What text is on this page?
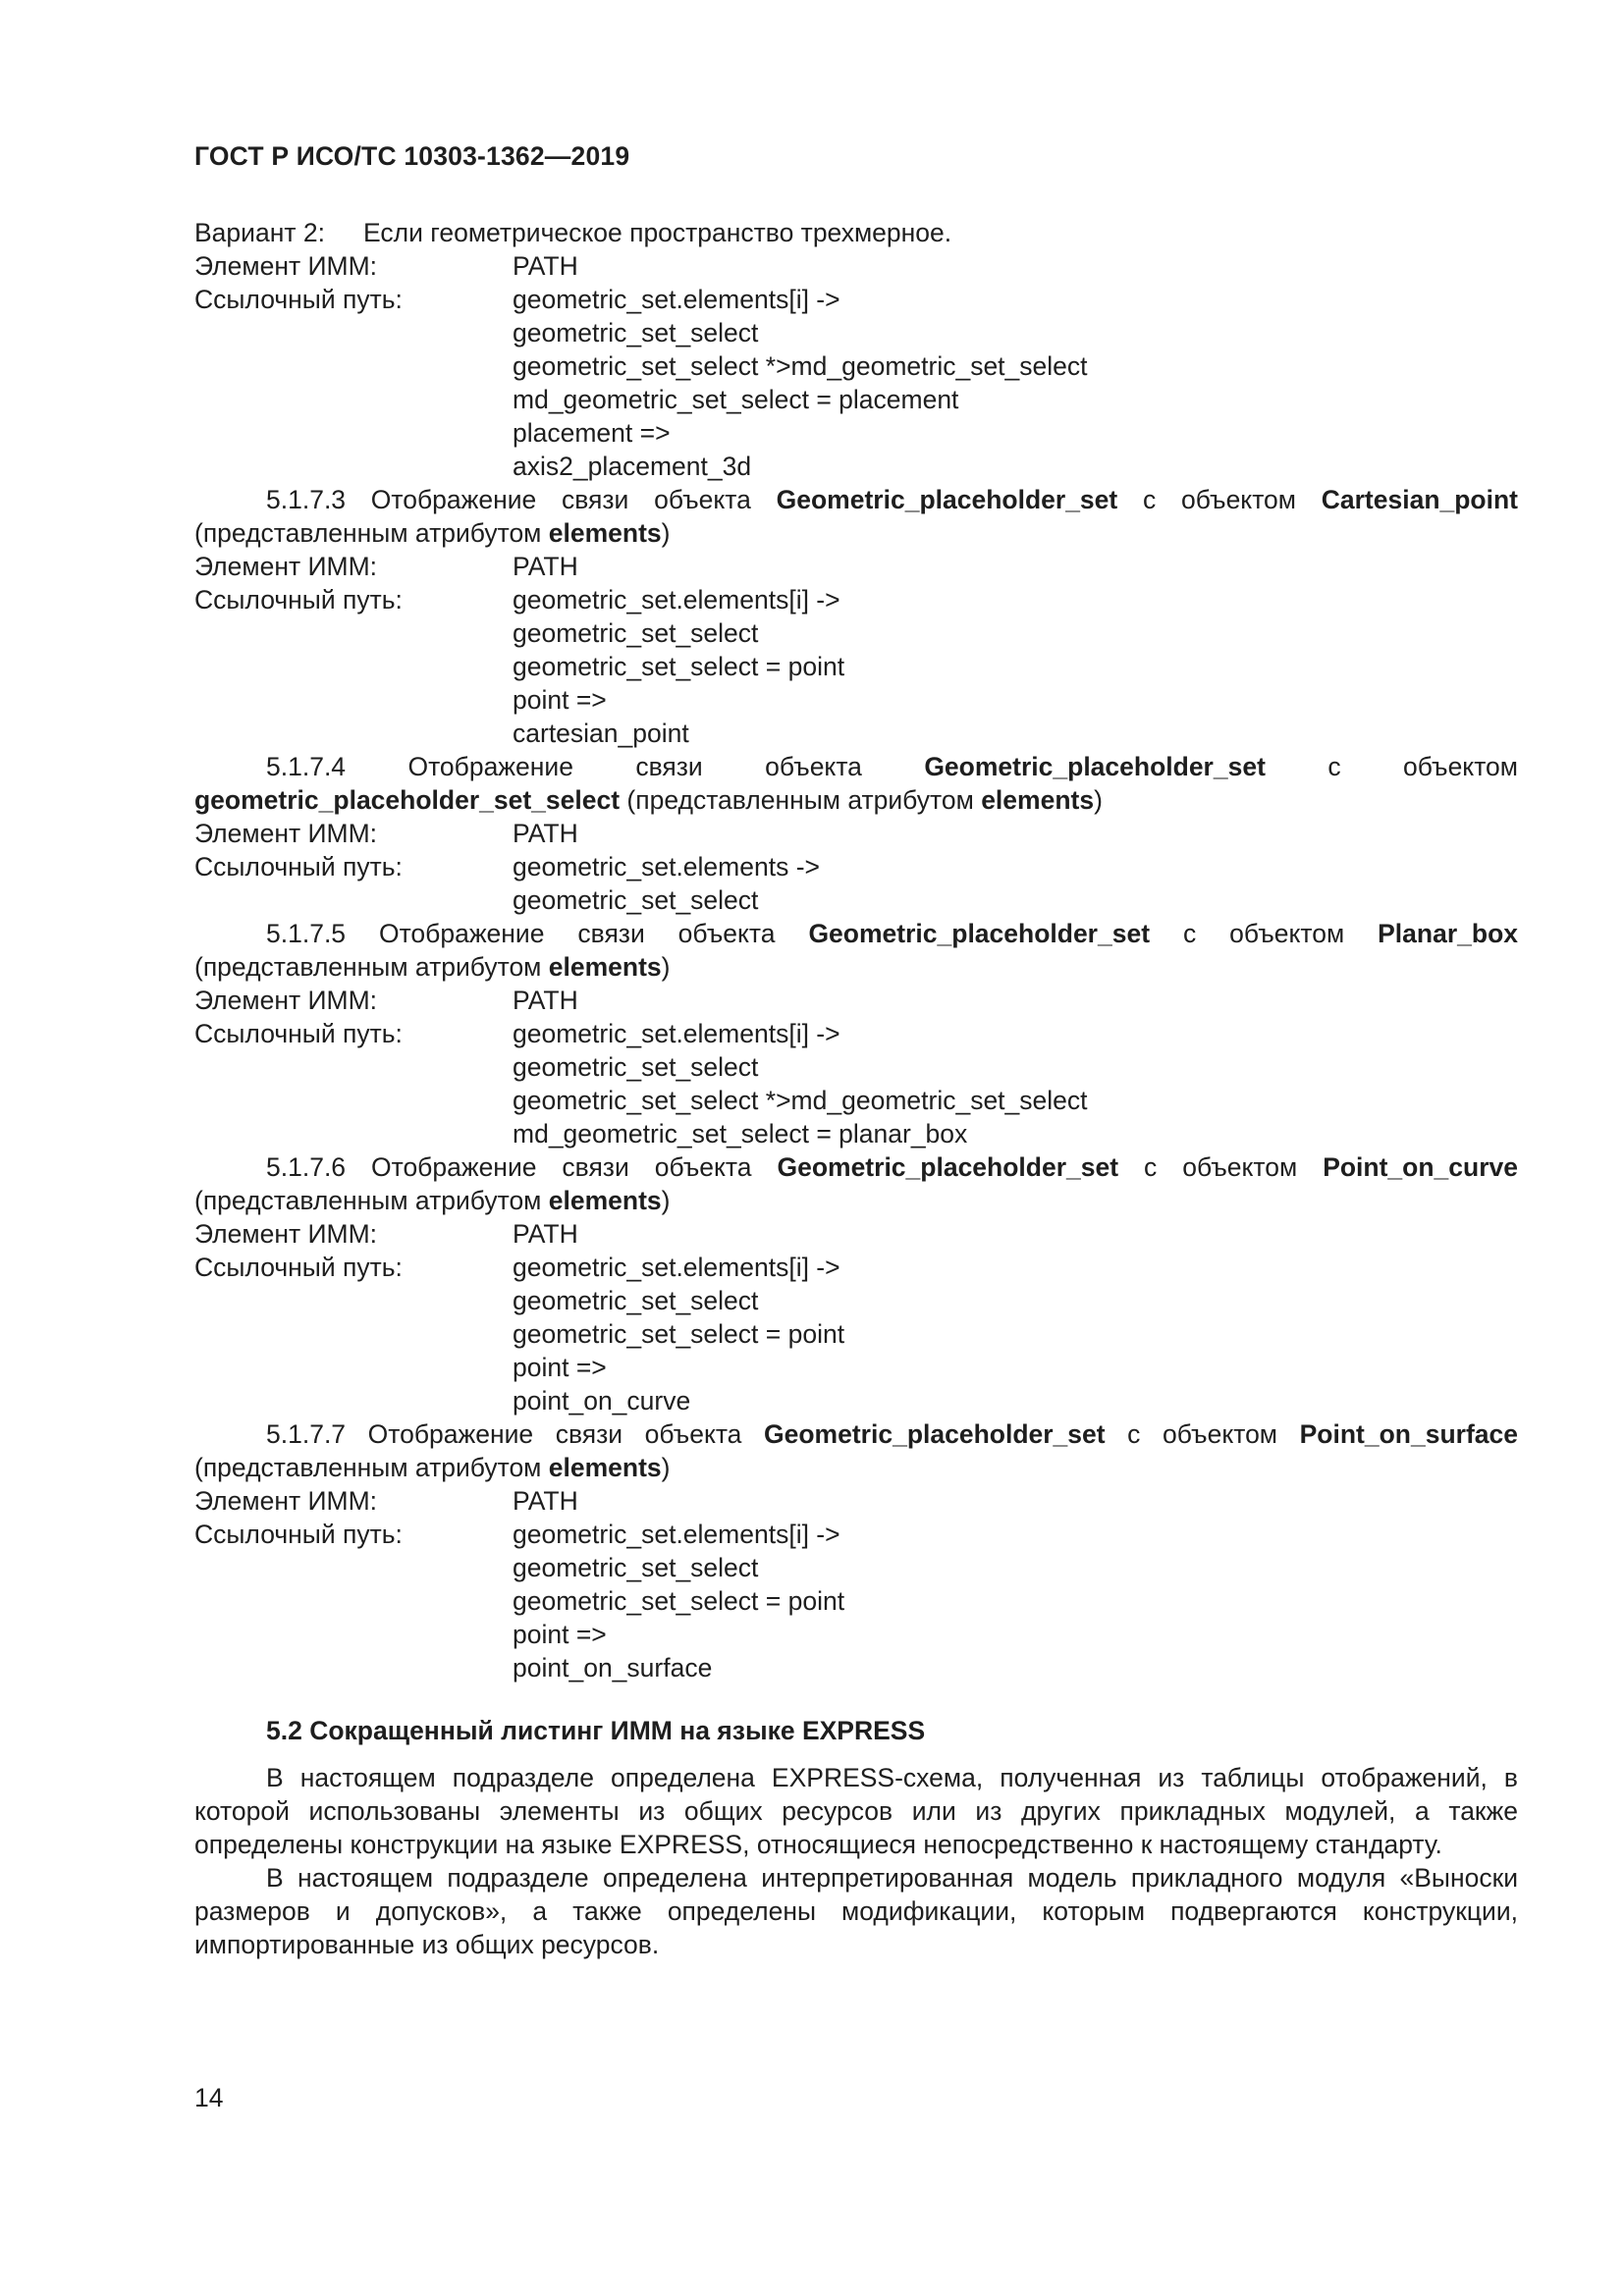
ГОСТ Р ИСО/ТС 10303-1362—2019
Вариант 2: Если геометрическое пространство трехмерное.
Элемент ИММ:	PATH
Ссылочный путь:	geometric_set.elements[i] ->
geometric_set_select
geometric_set_select *>md_geometric_set_select
md_geometric_set_select = placement
placement =>
axis2_placement_3d

5.1.7.3 Отображение связи объекта Geometric_placeholder_set с объектом Cartesian_point (представленным атрибутом elements)

Элемент ИММ:	PATH
Ссылочный путь:	geometric_set.elements[i] ->
geometric_set_select
geometric_set_select = point
point =>
cartesian_point

5.1.7.4 Отображение связи объекта Geometric_placeholder_set с объектом geometric_placeholder_set_select (представленным атрибутом elements)

Элемент ИММ:	PATH
Ссылочный путь:	geometric_set.elements ->
geometric_set_select

5.1.7.5 Отображение связи объекта Geometric_placeholder_set с объектом Planar_box (представленным атрибутом elements)

Элемент ИММ:	PATH
Ссылочный путь:	geometric_set.elements[i] ->
geometric_set_select
geometric_set_select *>md_geometric_set_select
md_geometric_set_select = planar_box

5.1.7.6 Отображение связи объекта Geometric_placeholder_set с объектом Point_on_curve (представленным атрибутом elements)

Элемент ИММ:	PATH
Ссылочный путь:	geometric_set.elements[i] ->
geometric_set_select
geometric_set_select = point
point =>
point_on_curve

5.1.7.7 Отображение связи объекта Geometric_placeholder_set с объектом Point_on_surface (представленным атрибутом elements)

Элемент ИММ:	PATH
Ссылочный путь:	geometric_set.elements[i] ->
geometric_set_select
geometric_set_select = point
point =>
point_on_surface
5.2 Сокращенный листинг ИММ на языке EXPRESS

В настоящем подразделе определена EXPRESS-схема, полученная из таблицы отображений, в которой использованы элементы из общих ресурсов или из других прикладных модулей, а также определены конструкции на языке EXPRESS, относящиеся непосредственно к настоящему стандарту.

В настоящем подразделе определена интерпретированная модель прикладного модуля «Выноски размеров и допусков», а также определены модификации, которым подвергаются конструкции, импортированные из общих ресурсов.

14
